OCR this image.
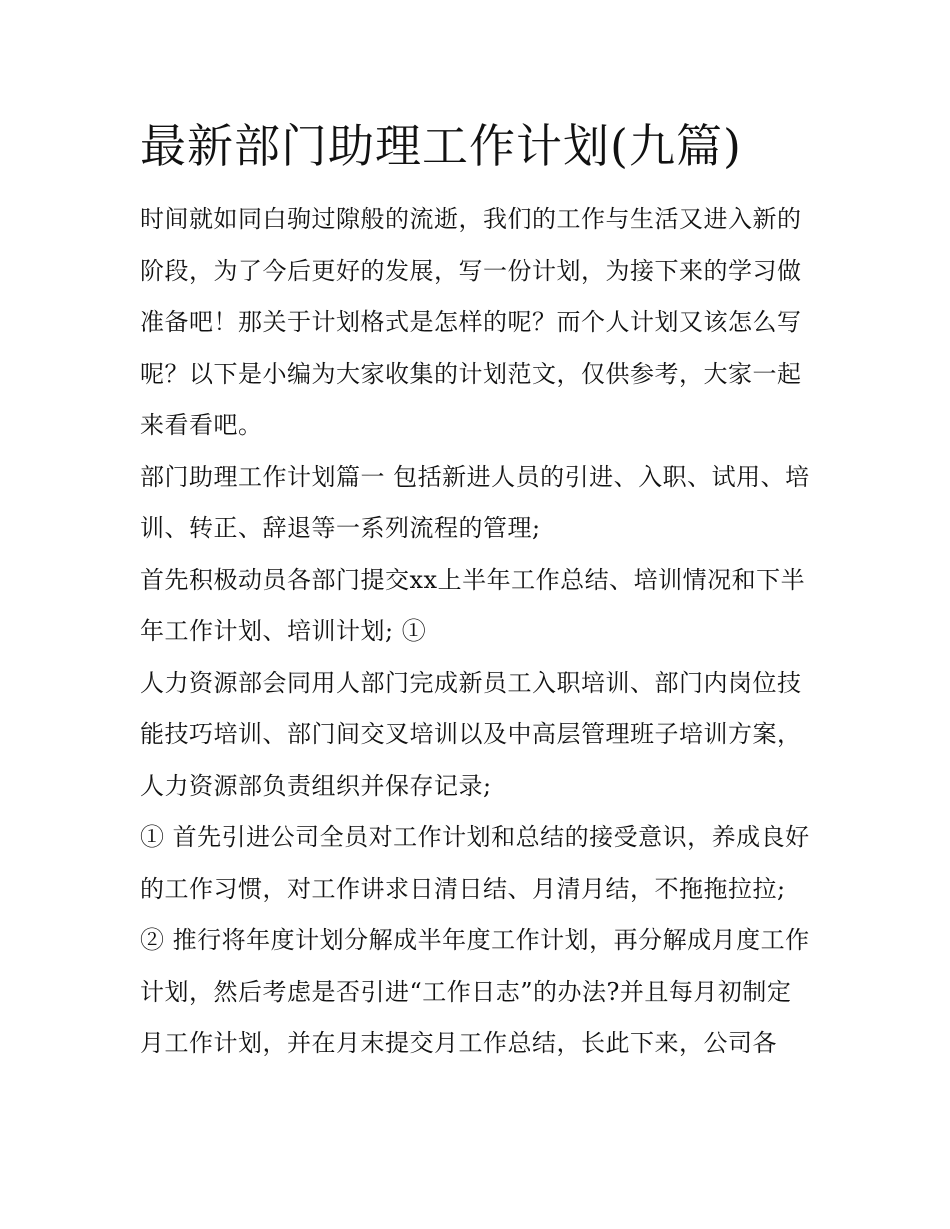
最新部门助理工作计划(九篇)

时间就如同白驹过隙般的流逝，我们的工作与生活又进入新的阶段，为了今后更好的发展，写一份计划，为接下来的学习做准备吧！那关于计划格式是怎样的呢？而个人计划又该怎么写呢？以下是小编为大家收集的计划范文，仅供参考，大家一起来看看吧。

部门助理工作计划篇一 包括新进人员的引进、入职、试用、培训、转正、辞退等一系列流程的管理;

首先积极动员各部门提交xx上半年工作总结、培训情况和下半年工作计划、培训计划; ①

人力资源部会同用人部门完成新员工入职培训、部门内岗位技能技巧培训、部门间交叉培训以及中高层管理班子培训方案，人力资源部负责组织并保存记录;

① 首先引进公司全员对工作计划和总结的接受意识，养成良好的工作习惯，对工作讲求日清日结、月清月结，不拖拖拉拉;

② 推行将年度计划分解成半年度工作计划，再分解成月度工作计划，然后考虑是否引进“工作日志”的办法?并且每月初制定月工作计划，并在月末提交月工作总结，长此下来，公司各
